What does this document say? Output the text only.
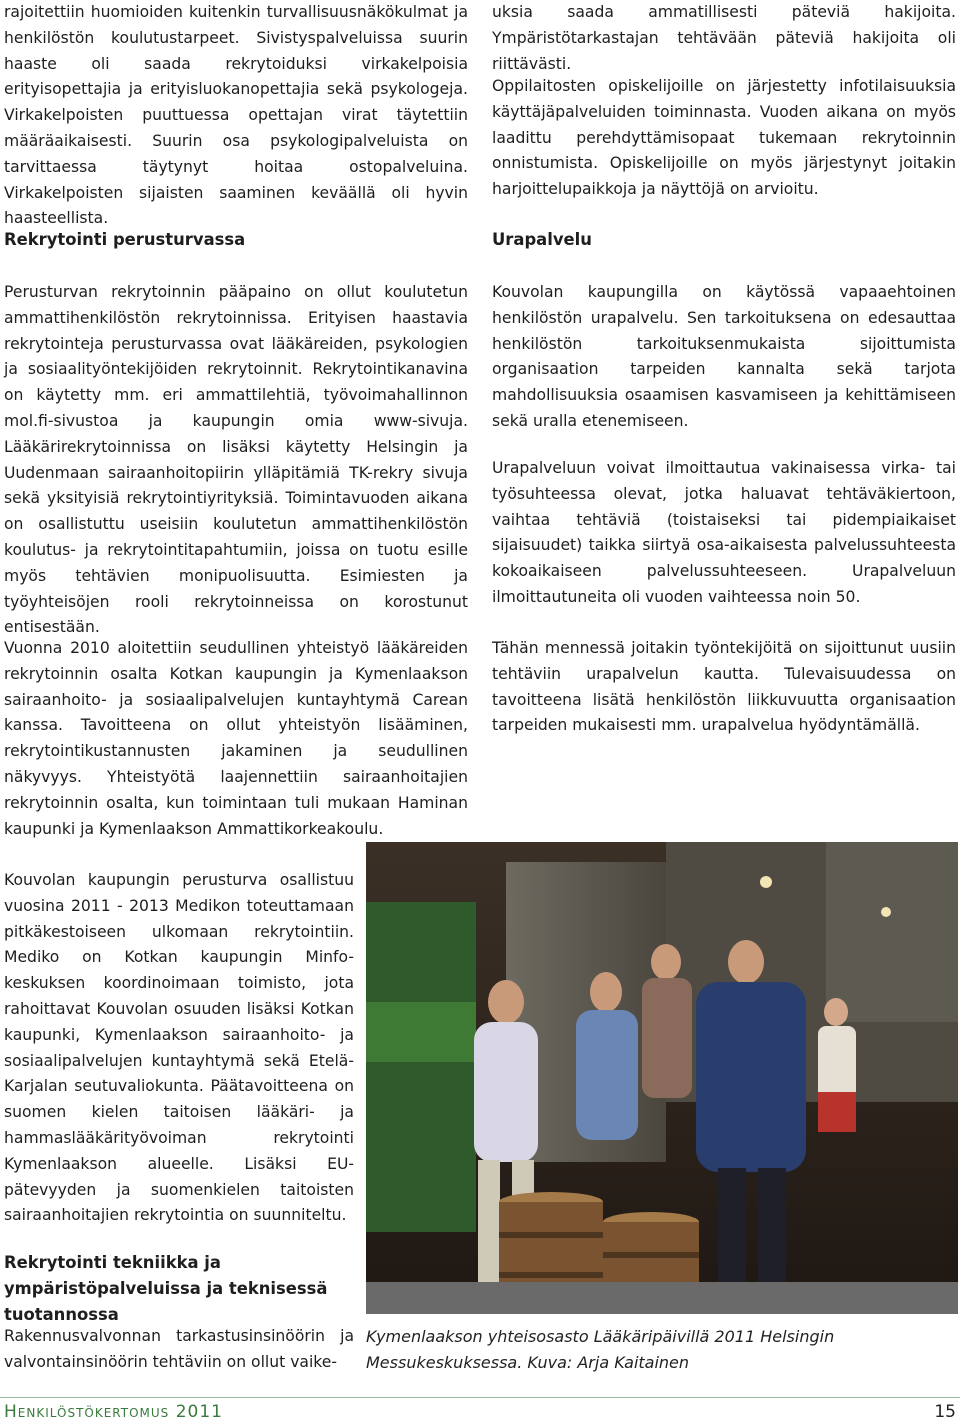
rajoitettiin huomioiden kuitenkin turvallisuusnäkökulmat ja henkilöstön koulutustarpeet. Sivistyspalveluissa suurin haaste oli saada rekrytoiduksi virkakelpoisia erityisopettajia ja erityisluokanopettajia sekä psykologeja. Virkakelpoisten puuttuessa opettajan virat täytettiin määräaikaisesti. Suurin osa psykologipalveluista on tarvittaessa täytynyt hoitaa ostopalveluina. Virkakelpoisten sijaisten saaminen keväällä oli hyvin haasteellista.

Rekrytointi perusturvassa

Perusturvan rekrytoinnin pääpaino on ollut koulutetun ammattihenkilöstön rekrytoinnissa. Erityisen haastavia rekrytointeja perusturvassa ovat lääkäreiden, psykologien ja sosiaalityöntekijöiden rekrytoinnit. Rekrytointikanavina on käytetty mm. eri ammattilehtiä, työvoimahallinnon mol.fi-sivustoa ja kaupungin omia www-sivuja. Lääkärirekrytoinnissa on lisäksi käytetty Helsingin ja Uudenmaan sairaanhoitopiirin ylläpitämiä TK-rekry sivuja sekä yksityisiä rekrytointiyrityksiä. Toimintavuoden aikana on osallistuttu useisiin koulutetun ammattihenkilöstön koulutus- ja rekrytointitapahtumiin, joissa on tuotu esille myös tehtävien monipuolisuutta. Esimiesten ja työyhteisöjen rooli rekrytoinneissa on korostunut entisestään.

Vuonna 2010 aloitettiin seudullinen yhteistyö lääkäreiden rekrytoinnin osalta Kotkan kaupungin ja Kymenlaakson sairaanhoito- ja sosiaalipalvelujen kuntayhtymä Carean kanssa. Tavoitteena on ollut yhteistyön lisääminen, rekrytointikustannusten jakaminen ja seudullinen näkyvyys. Yhteistyötä laajennettiin sairaanhoitajien rekrytoinnin osalta, kun toimintaan tuli mukaan Haminan kaupunki ja Kymenlaakson Ammattikorkeakoulu.

Kouvolan kaupungin perusturva osallistuu vuosina 2011 - 2013 Medikon toteuttamaan pitkäkestoiseen ulkomaan rekrytointiin. Mediko on Kotkan kaupungin Minfo-keskuksen koordinoimaan toimisto, jota rahoittavat Kouvolan osuuden lisäksi Kotkan kaupunki, Kymenlaakson sairaanhoito- ja sosiaalipalvelujen kuntayhtymä sekä Etelä-Karjalan seutuvaliokunta. Päätavoitteena on suomen kielen taitoisen lääkäri- ja hammaslääkärityövoiman rekrytointi Kymenlaakson alueelle. Lisäksi EU-pätevyyden ja suomenkielen taitoisten sairaanhoitajien rekrytointia on suunniteltu.

Rekrytointi tekniikka ja ympäristöpalveluissa ja teknisessä tuotannossa

Rakennusvalvonnan tarkastusinsinöörin ja valvontainsinöörin tehtäviin on ollut vaike-

uksia saada ammatillisesti päteviä hakijoita. Ympäristötarkastajan tehtävään päteviä hakijoita oli riittävästi.

Oppilaitosten opiskelijoille on järjestetty infotilaisuuksia käyttäjäpalveluiden toiminnasta. Vuoden aikana on myös laadittu perehdyttämisopaat tukemaan rekrytoinnin onnistumista. Opiskelijoille on myös järjestynyt joitakin harjoittelupaikkoja ja näyttöjä on arvioitu.

Urapalvelu

Kouvolan kaupungilla on käytössä vapaaehtoinen henkilöstön urapalvelu. Sen tarkoituksena on edesauttaa henkilöstön tarkoituksenmukaista sijoittumista organisaation tarpeiden kannalta sekä tarjota mahdollisuuksia osaamisen kasvamiseen ja kehittämiseen sekä uralla etenemiseen.

Urapalveluun voivat ilmoittautua vakinaisessa virka- tai työsuhteessa olevat, jotka haluavat tehtäväkiertoon, vaihtaa tehtäviä (toistaiseksi tai pidempiaikaiset sijaisuudet) taikka siirtyä osa-aikaisesta palvelussuhteesta kokoaikaiseen palvelussuhteeseen. Urapalveluun ilmoittautuneita oli vuoden vaihteessa noin 50.

Tähän mennessä joitakin työntekijöitä on sijoittunut uusiin tehtäviin urapalvelun kautta. Tulevaisuudessa on tavoitteena lisätä henkilöstön liikkuvuutta organisaation tarpeiden mukaisesti mm. urapalvelua hyödyntämällä.

Kymenlaakson yhteisosasto Lääkäripäivillä 2011 Helsingin Messukeskuksessa. Kuva: Arja Kaitainen
Henkilöstökertomus 2011	15
